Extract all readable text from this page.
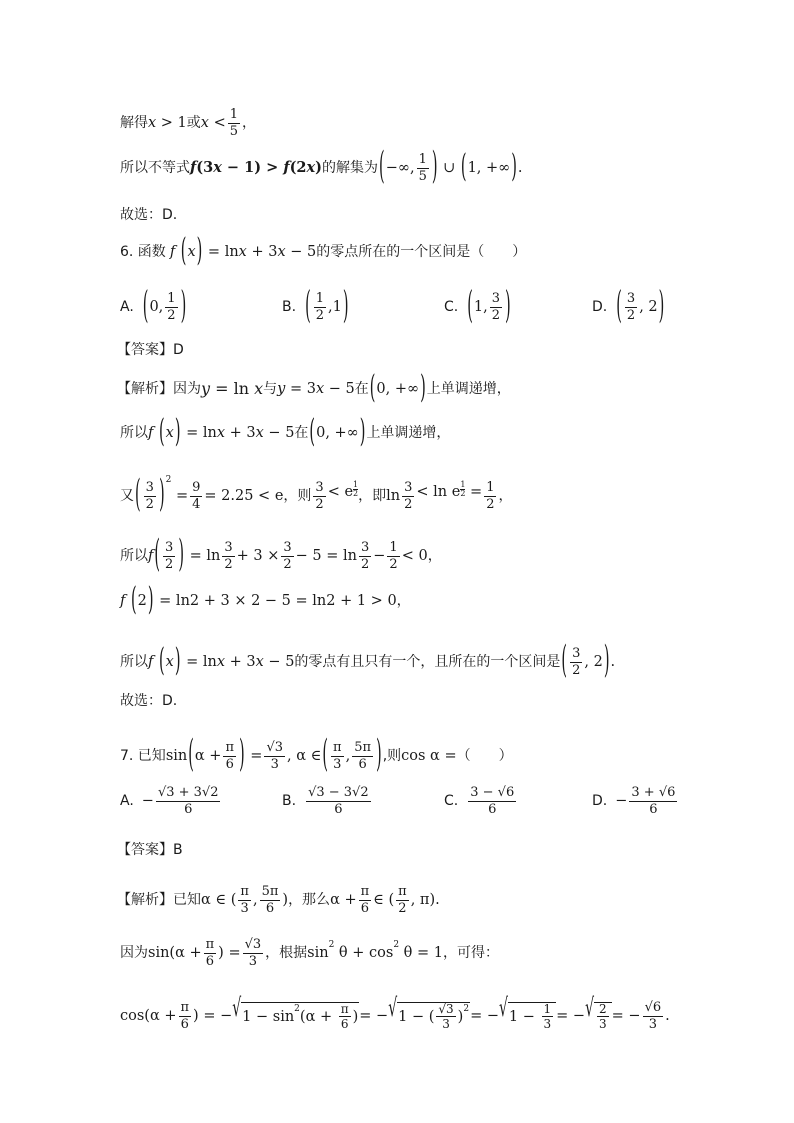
解得 x > 1 或 $x < \frac{1}{5}$ ，
所以不等式 f(3x − 1) > f(2x) 的解集为 (−∞, $\frac{1}{5}$ ) ∪ (1, +∞).
故选：D.
6. 函数 f (x) = lnx + 3x − 5 的零点所在的一个区间是（　　）
A. (0, $\frac{1}{2}$ )	B. ( $\frac{1}{2} ,1$)	C. (1, $\frac{3}{2}$ )	D. ( $\frac{3}{2}$ , 2)
【答案】D
【解析】 因为 y = ln x 与 y = 3x − 5 在 (0, +∞) 上单调递增，
所以 f (x) = lnx + 3x − 5 在 (0, +∞) 上单调递增，
又 ( $\frac{3}{2} )^2 = \frac{9}{4} = 2.25 < e$ ，则 $\frac{3}{2} < e \frac{1}{2}$ ，即 $\ln \frac{3}{2} < \ln e \frac{1}{2} = \frac{1}{2}$ ，
所以 $f( \frac{3}{2}$ ) = $\ln \frac{3}{2} + 3 \times \frac{3}{2} - 5 = \ln \frac{3}{2} - \frac{1}{2} < 0$ ，
f (2) = ln2 + 3 × 2 − 5 = ln2 + 1 > 0 ，
所以 f (x) = lnx + 3x − 5 的零点有且只有一个，且所在的一个区间是 ( $\frac{3}{2}$ , 2).
故选：D.
7. 已知 $\sin(\alpha + \frac{\pi}{6}$ ) = $\frac{√3}{3}$ , α ∈( $\frac{\pi}{3}$ , $\frac{5\pi}{6}$ ) ,则 cos α = （　　）
A. − $\frac{√3 + 3√2}{6}$	B. $\frac{√3 - 3√2}{6}$	C. $\frac{3 - √6}{6}$	D. − $\frac{3 + √6}{6}$
【答案】B
【解析】 已知 α ∈ ( $\frac{\pi}{3}$ , $\frac{5\pi}{6}$ ) ，那么 $\alpha + \frac{\pi}{6}$ ∈ ( $\frac{\pi}{2}$ , π).
因为 $\sin(\alpha + \frac{\pi}{6}$ ) = $\frac{√3}{3}$ ，根据 $\sin^2 \theta + \cos^2 \theta = 1$ ，可得：
$\cos(\alpha + \frac{\pi}{6}$ ) = − √ $1 - \sin^2(\alpha + \frac{\pi}{6}$ ) = − √ 1 − ( $\frac{√3}{3} )^2$ = − √ $1 - \frac{1}{3}$ = − √ $\frac{2}{3}$ = − $\frac{√6}{3}$ .
